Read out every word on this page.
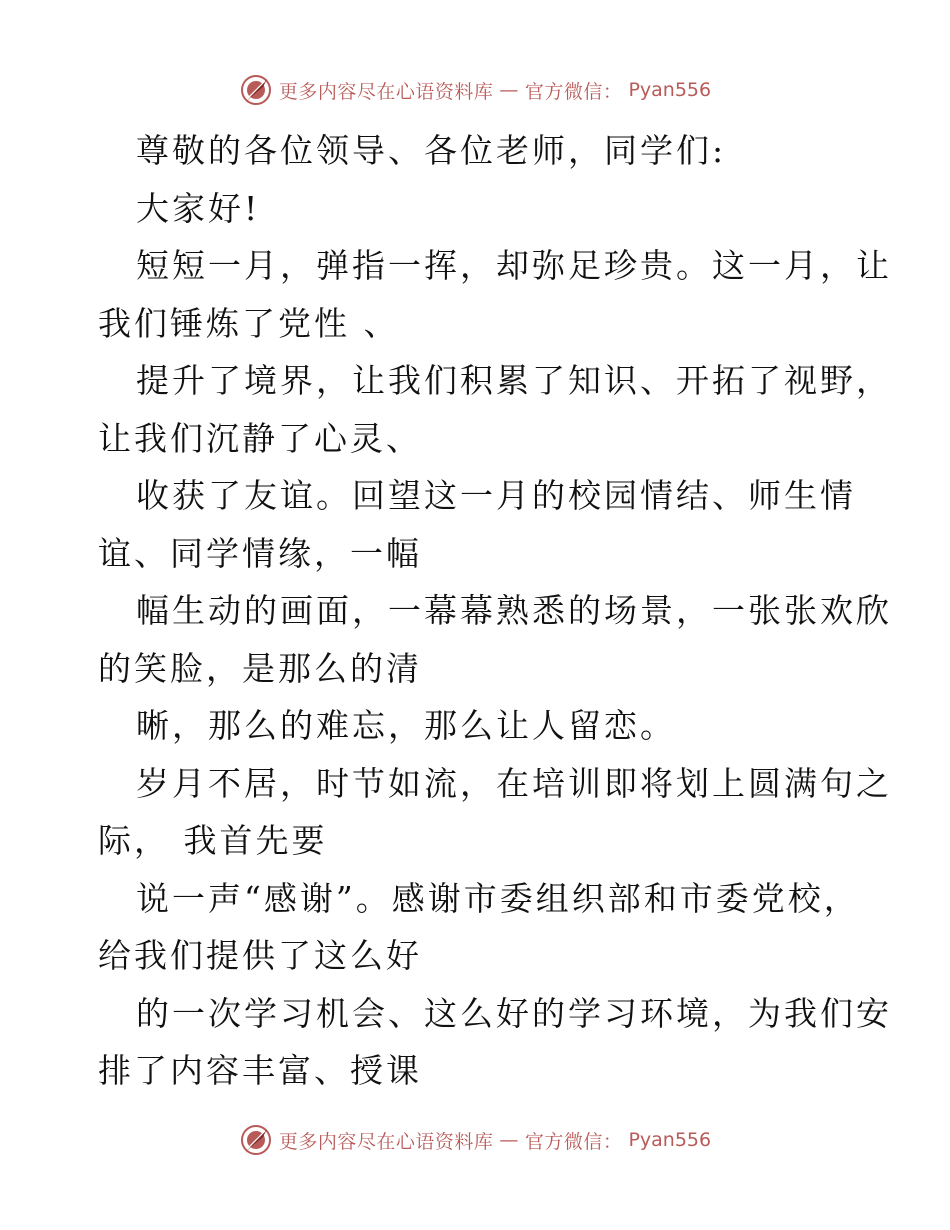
更多内容尽在心语资料库 — 官方微信： Pyan556
尊敬的各位领导、各位老师，同学们:
大家好!
短短一月，弹指一挥，却弥足珍贵。这一月，让
我们锤炼了党性 、
提升了境界，让我们积累了知识、开拓了视野，
让我们沉静了心灵、
收获了友谊。回望这一月的校园情结、师生情
谊、同学情缘，一幅
幅生动的画面，一幕幕熟悉的场景，一张张欢欣
的笑脸，是那么的清
晰，那么的难忘，那么让人留恋。
岁月不居，时节如流，在培训即将划上圆满句之
际， 我首先要
说一声“感谢”。感谢市委组织部和市委党校，
给我们提供了这么好
的一次学习机会、这么好的学习环境，为我们安
排了内容丰富、授课
更多内容尽在心语资料库 — 官方微信： Pyan556
